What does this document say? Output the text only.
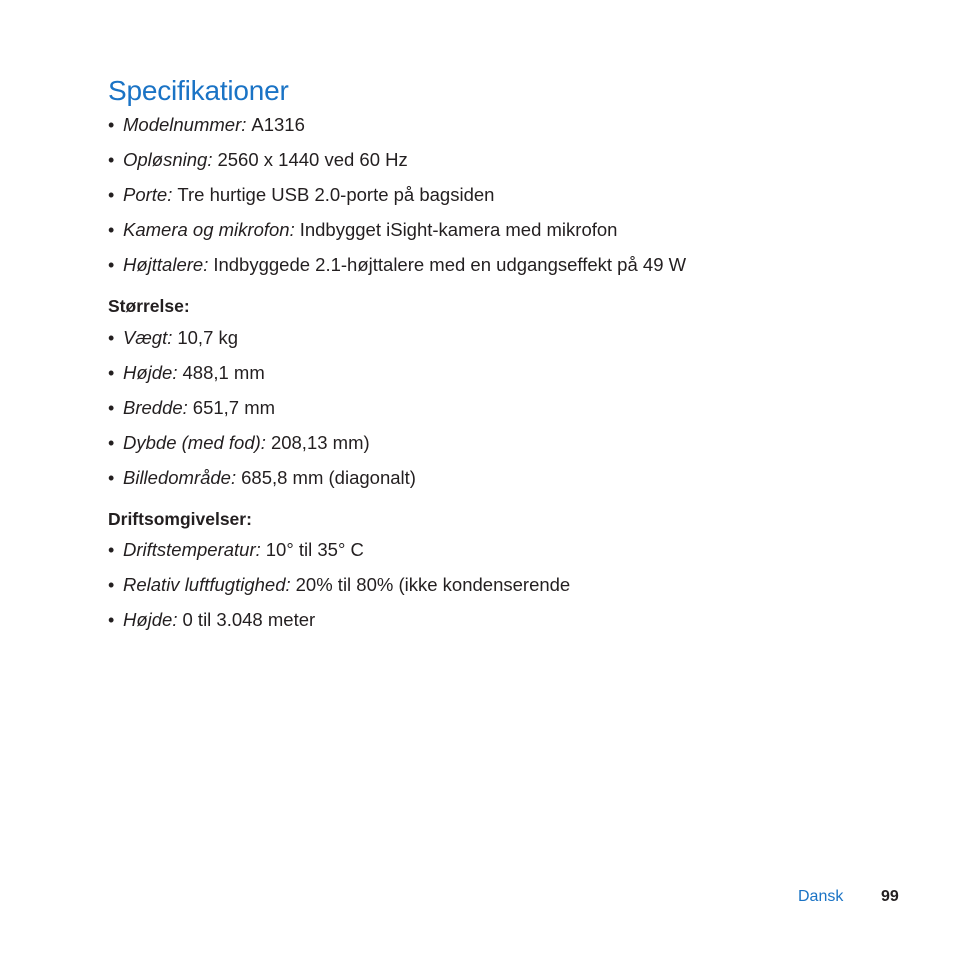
Specifikationer
• Modelnummer: A1316
• Opløsning: 2560 x 1440 ved 60 Hz
• Porte: Tre hurtige USB 2.0-porte på bagsiden
• Kamera og mikrofon: Indbygget iSight-kamera med mikrofon
• Højttalere: Indbyggede 2.1-højttalere med en udgangseffekt på 49 W
Størrelse:
• Vægt: 10,7 kg
• Højde: 488,1 mm
• Bredde: 651,7 mm
• Dybde (med fod): 208,13 mm)
• Billedområde: 685,8 mm (diagonalt)
Driftsomgivelser:
• Driftstemperatur: 10° til 35° C
• Relativ luftfugtighed: 20% til 80% (ikke kondenserende
• Højde: 0 til 3.048 meter
Dansk 99
